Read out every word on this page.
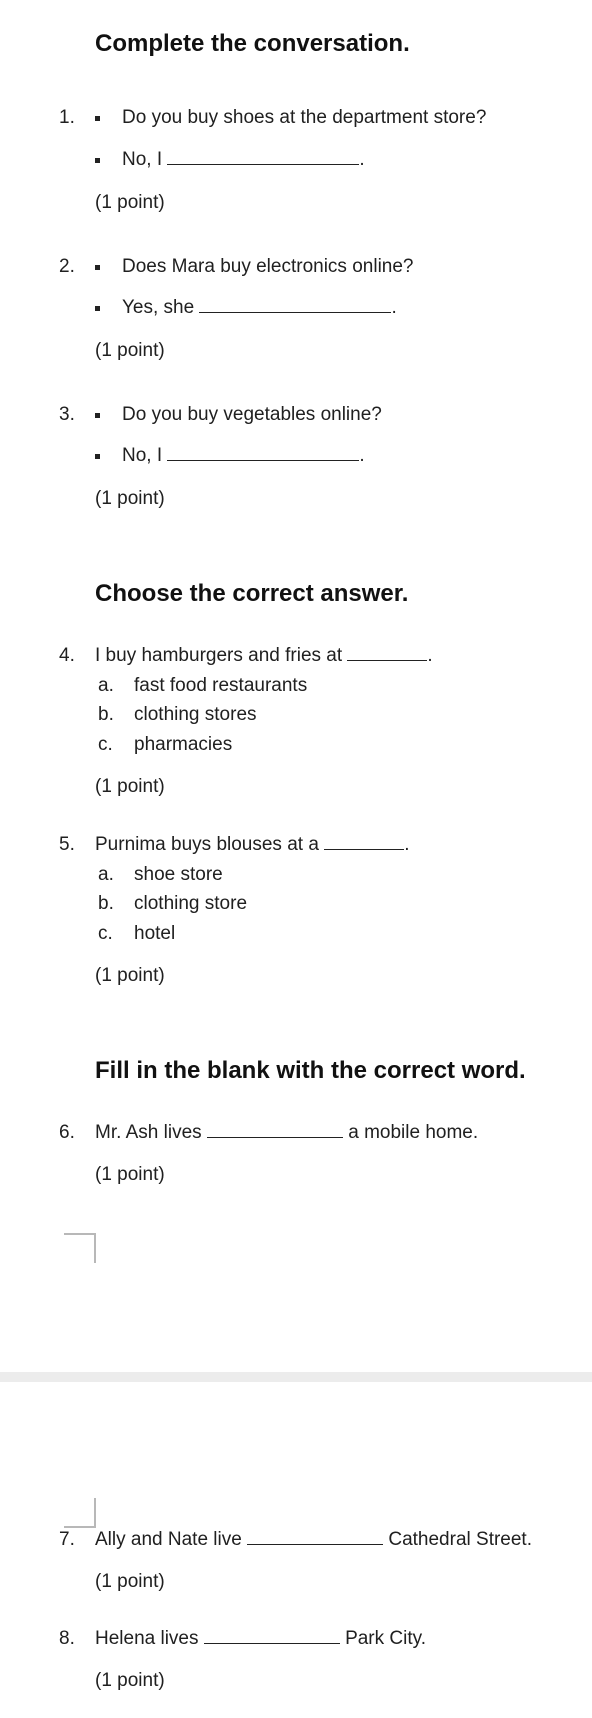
Complete the conversation.
1. Do you buy shoes at the department store?
No, I	.
(1 point)
2. Does Mara buy electronics online?
Yes, she	.
(1 point)
3. Do you buy vegetables online?
No, I	.
(1 point)
Choose the correct answer.
4. I buy hamburgers and fries at	.
a. fast food restaurants
b. clothing stores
c. pharmacies
(1 point)
5. Purnima buys blouses at a	.
a. shoe store
b. clothing store
c. hotel
(1 point)
Fill in the blank with the correct word.
6. Mr. Ash lives	a mobile home.
(1 point)
7. Ally and Nate live	Cathedral Street.
(1 point)
8. Helena lives	Park City.
(1 point)
